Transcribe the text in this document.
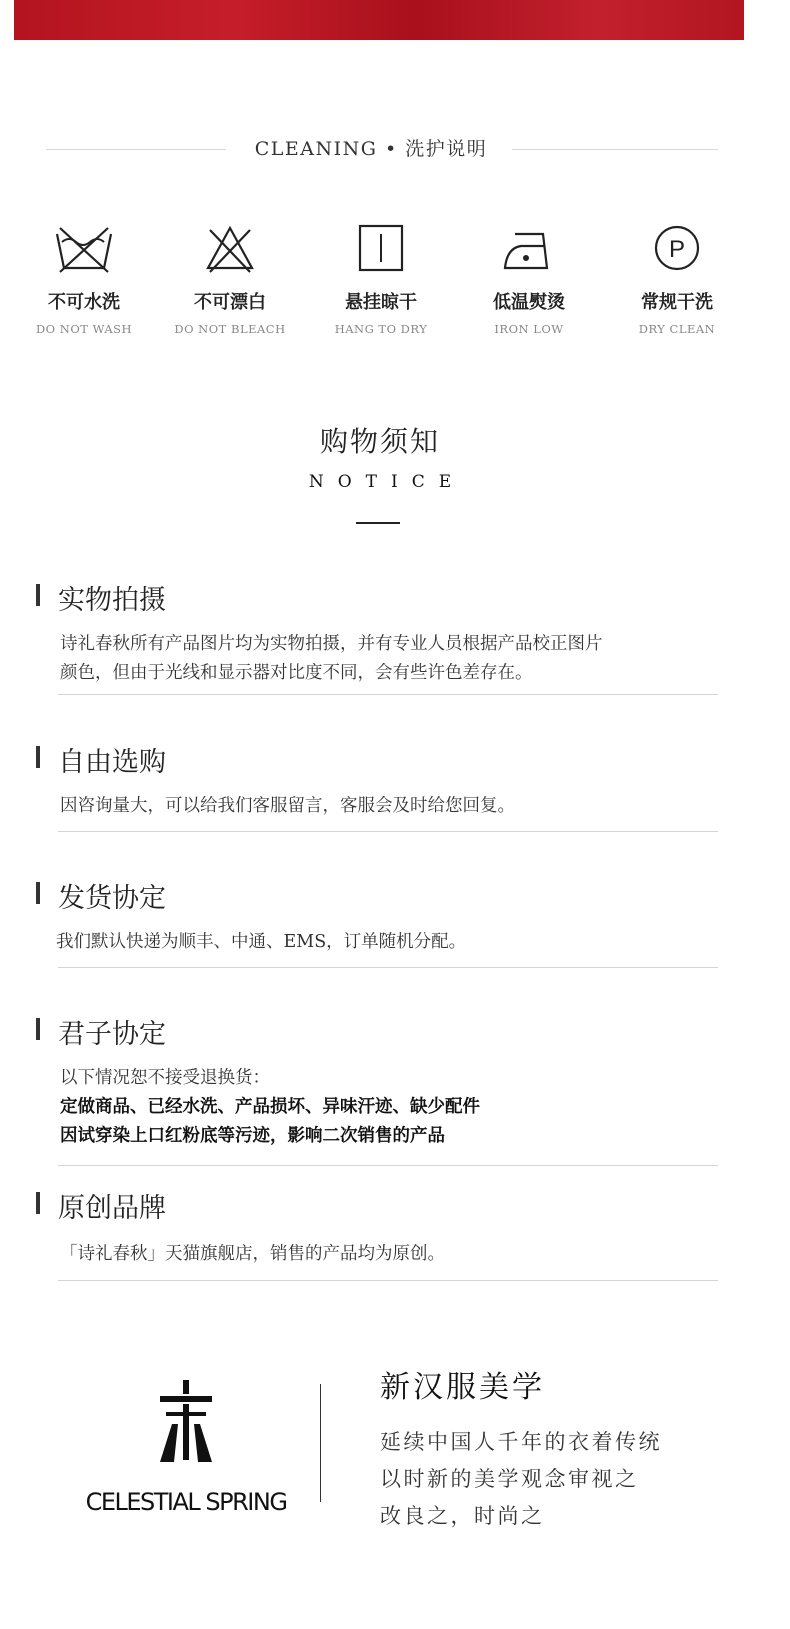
CLEANING • 洗护说明
不可水洗
DO NOT WASH
不可漂白
DO NOT BLEACH
悬挂晾干
HANG TO DRY
低温熨烫
IRON LOW
P
常规干洗
DRY CLEAN
购物须知
NOTICE
实物拍摄
诗礼春秋所有产品图片均为实物拍摄，并有专业人员根据产品校正图片
颜色，但由于光线和显示器对比度不同，会有些许色差存在。
自由选购
因咨询量大，可以给我们客服留言，客服会及时给您回复。
发货协定
我们默认快递为顺丰、中通、EMS，订单随机分配。
君子协定
以下情况恕不接受退换货：
定做商品、已经水洗、产品损坏、异味汗迹、缺少配件
因试穿染上口红粉底等污迹，影响二次销售的产品
原创品牌
「诗礼春秋」天猫旗舰店，销售的产品均为原创。
CELESTIAL SPRING
新汉服美学
延续中国人千年的衣着传统
以时新的美学观念审视之
改良之，时尚之
